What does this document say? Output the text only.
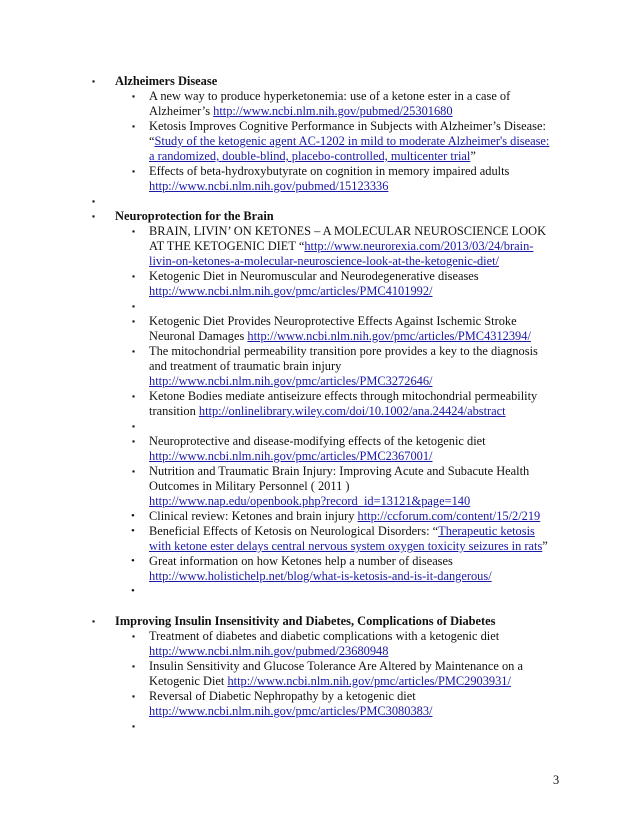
▪ Alzheimers Disease
▪ A new way to produce hyperketonemia: use of a ketone ester in a case of
Alzheimer’s http://www.ncbi.nlm.nih.gov/pubmed/25301680
▪ Ketosis Improves Cognitive Performance in Subjects with Alzheimer’s Disease:
“Study of the ketogenic agent AC-1202 in mild to moderate Alzheimer's disease:
a randomized, double-blind, placebo-controlled, multicenter trial”
▪ Effects of beta-hydroxybutyrate on cognition in memory impaired adults
http://www.ncbi.nlm.nih.gov/pubmed/15123336
▪
▪ Neuroprotection for the Brain
▪ BRAIN, LIVIN’ ON KETONES – A MOLECULAR NEUROSCIENCE LOOK
AT THE KETOGENIC DIET “http://www.neurorexia.com/2013/03/24/brain-
livin-on-ketones-a-molecular-neuroscience-look-at-the-ketogenic-diet/
▪ Ketogenic Diet in Neuromuscular and Neurodegenerative diseases
http://www.ncbi.nlm.nih.gov/pmc/articles/PMC4101992/
▪
▪ Ketogenic Diet Provides Neuroprotective Effects Against Ischemic Stroke
Neuronal Damages http://www.ncbi.nlm.nih.gov/pmc/articles/PMC4312394/
▪ The mitochondrial permeability transition pore provides a key to the diagnosis
and treatment of traumatic brain injury
http://www.ncbi.nlm.nih.gov/pmc/articles/PMC3272646/
▪ Ketone Bodies mediate antiseizure effects through mitochondrial permeability
transition http://onlinelibrary.wiley.com/doi/10.1002/ana.24424/abstract
▪
▪ Neuroprotective and disease-modifying effects of the ketogenic diet
http://www.ncbi.nlm.nih.gov/pmc/articles/PMC2367001/
▪ Nutrition and Traumatic Brain Injury: Improving Acute and Subacute Health
Outcomes in Military Personnel ( 2011 )
http://www.nap.edu/openbook.php?record_id=13121&page=140
• Clinical review: Ketones and brain injury http://ccforum.com/content/15/2/219
• Beneficial Effects of Ketosis on Neurological Disorders: “Therapeutic ketosis
with ketone ester delays central nervous system oxygen toxicity seizures in rats”
• Great information on how Ketones help a number of diseases
http://www.holistichelp.net/blog/what-is-ketosis-and-is-it-dangerous/
•
▪ Improving Insulin Insensitivity and Diabetes, Complications of Diabetes
▪ Treatment of diabetes and diabetic complications with a ketogenic diet
http://www.ncbi.nlm.nih.gov/pubmed/23680948
▪ Insulin Sensitivity and Glucose Tolerance Are Altered by Maintenance on a
Ketogenic Diet http://www.ncbi.nlm.nih.gov/pmc/articles/PMC2903931/
▪ Reversal of Diabetic Nephropathy by a ketogenic diet
http://www.ncbi.nlm.nih.gov/pmc/articles/PMC3080383/
▪
3
